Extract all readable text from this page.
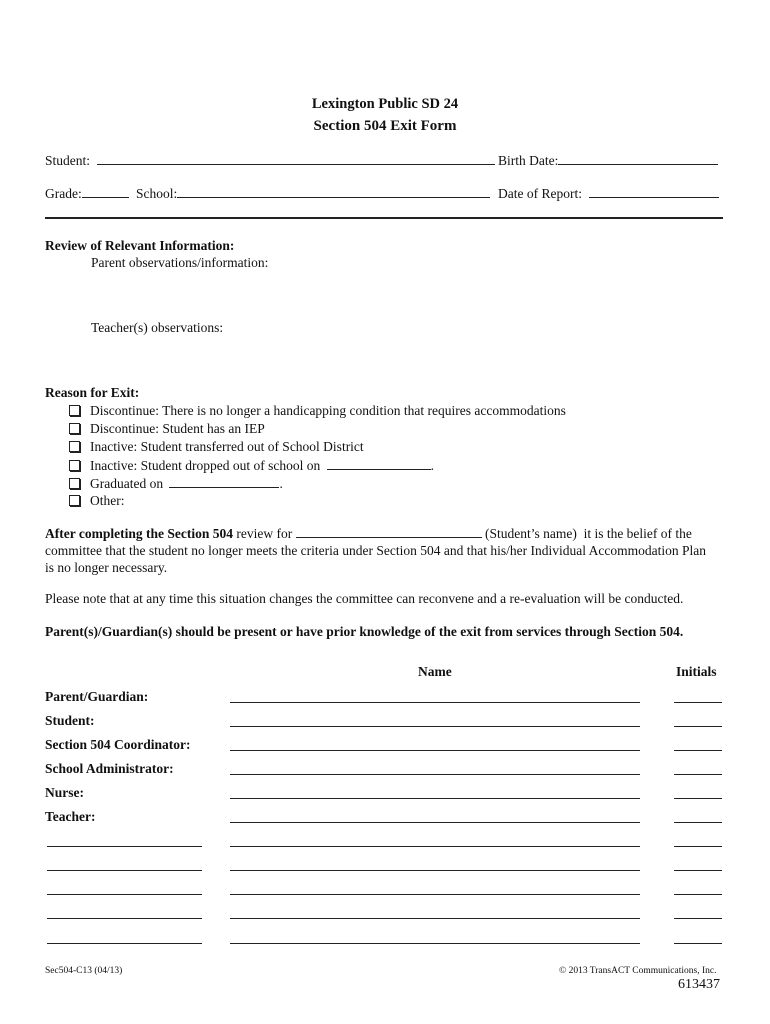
Lexington Public SD 24
Section 504 Exit Form
Student:	Birth Date:
Grade:	School:	Date of Report:
Review of Relevant Information:
Parent observations/information:
Teacher(s) observations:
Reason for Exit:
Discontinue: There is no longer a handicapping condition that requires accommodations
Discontinue: Student has an IEP
Inactive: Student transferred out of School District
Inactive: Student dropped out of school on	.
Graduated on	.
Other:
After completing the Section 504 review for	(Student’s name) it is the belief of the
committee that the student no longer meets the criteria under Section 504 and that his/her Individual Accommodation Plan
is no longer necessary.
Please note that at any time this situation changes the committee can reconvene and a re-evaluation will be conducted.
Parent(s)/Guardian(s) should be present or have prior knowledge of the exit from services through Section 504.
Name	Initials
Parent/Guardian:
Student:
Section 504 Coordinator:
School Administrator:
Nurse:
Teacher:
Sec504-C13 (04/13)	© 2013 TransACT Communications, Inc.
613437
